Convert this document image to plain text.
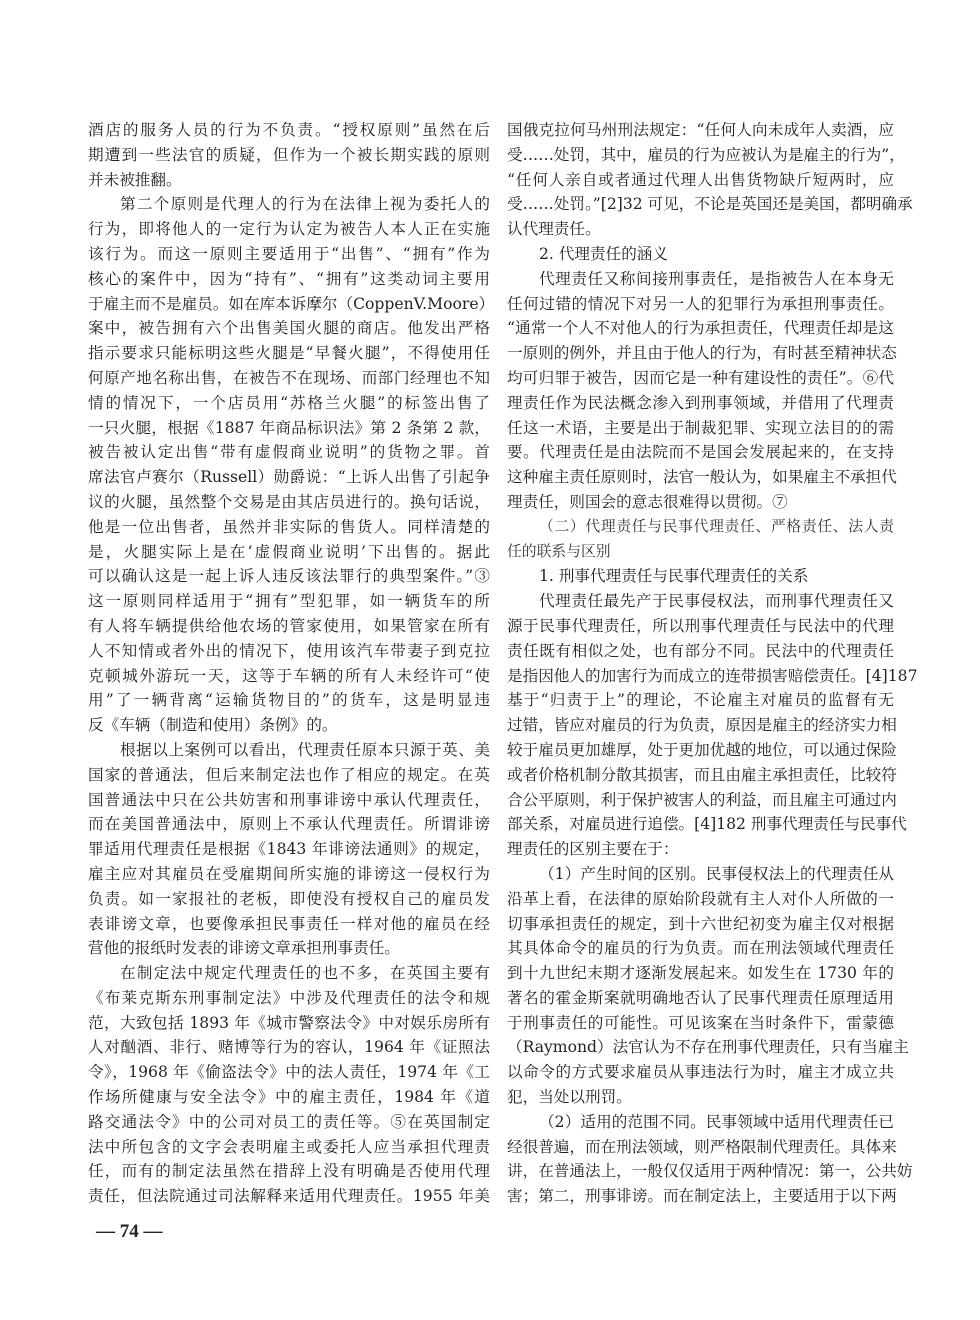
酒店的服务人员的行为不负责。“授权原则”虽然在后
期遭到一些法官的质疑，但作为一个被长期实践的原则
并未被推翻。
第二个原则是代理人的行为在法律上视为委托人的
行为，即将他人的一定行为认定为被告人本人正在实施
该行为。而这一原则主要适用于“出售”、“拥有”作为
核心的案件中，因为“持有”、“拥有”这类动词主要用
于雇主而不是雇员。如在库本诉摩尔（CoppenV.Moore）
案中，被告拥有六个出售美国火腿的商店。他发出严格
指示要求只能标明这些火腿是“早餐火腿”，不得使用任
何原产地名称出售，在被告不在现场、而部门经理也不知
情的情况下，一个店员用“苏格兰火腿”的标签出售了
一只火腿，根据《1887 年商品标识法》第 2 条第 2 款，
被告被认定出售“带有虚假商业说明”的货物之罪。首
席法官卢赛尔（Russell）勋爵说：“上诉人出售了引起争
议的火腿，虽然整个交易是由其店员进行的。换句话说，
他是一位出售者，虽然并非实际的售货人。同样清楚的
是，火腿实际上是在‘虚假商业说明’下出售的。据此
可以确认这是一起上诉人违反该法罪行的典型案件。”③
这一原则同样适用于“拥有”型犯罪，如一辆货车的所
有人将车辆提供给他农场的管家使用，如果管家在所有
人不知情或者外出的情况下，使用该汽车带妻子到克拉
克顿城外游玩一天，这等于车辆的所有人未经许可“使
用”了一辆背离“运输货物目的”的货车，这是明显违
反《车辆（制造和使用）条例》的。
根据以上案例可以看出，代理责任原本只源于英、美
国家的普通法，但后来制定法也作了相应的规定。在英
国普通法中只在公共妨害和刑事诽谤中承认代理责任，
而在美国普通法中，原则上不承认代理责任。所谓诽谤
罪适用代理责任是根据《1843 年诽谤法通则》的规定，
雇主应对其雇员在受雇期间所实施的诽谤这一侵权行为
负责。如一家报社的老板，即使没有授权自己的雇员发
表诽谤文章，也要像承担民事责任一样对他的雇员在经
营他的报纸时发表的诽谤文章承担刑事责任。
在制定法中规定代理责任的也不多，在英国主要有
《布莱克斯东刑事制定法》中涉及代理责任的法令和规
范，大致包括 1893 年《城市警察法令》中对娱乐房所有
人对酗酒、非行、赌博等行为的容认，1964 年《证照法
令》，1968 年《偷盗法令》中的法人责任，1974 年《工
作场所健康与安全法令》中的雇主责任，1984 年《道
路交通法令》中的公司对员工的责任等。⑤在英国制定
法中所包含的文字会表明雇主或委托人应当承担代理责
任，而有的制定法虽然在措辞上没有明确是否使用代理
责任，但法院通过司法解释来适用代理责任。1955 年美
国俄克拉何马州刑法规定：“任何人向未成年人卖酒，应
受……处罚，其中，雇员的行为应被认为是雇主的行为”，
“任何人亲自或者通过代理人出售货物缺斤短两时，应
受……处罚。”[2]32 可见，不论是英国还是美国，都明确承
认代理责任。
2. 代理责任的涵义
代理责任又称间接刑事责任，是指被告人在本身无
任何过错的情况下对另一人的犯罪行为承担刑事责任。
“通常一个人不对他人的行为承担责任，代理责任却是这
一原则的例外，并且由于他人的行为，有时甚至精神状态
均可归罪于被告，因而它是一种有建设性的责任”。⑥代
理责任作为民法概念渗入到刑事领域，并借用了代理责
任这一术语，主要是出于制裁犯罪、实现立法目的的需
要。代理责任是由法院而不是国会发展起来的，在支持
这种雇主责任原则时，法官一般认为，如果雇主不承担代
理责任，则国会的意志很难得以贯彻。⑦
（二）代理责任与民事代理责任、严格责任、法人责
任的联系与区别
1. 刑事代理责任与民事代理责任的关系
代理责任最先产于民事侵权法，而刑事代理责任又
源于民事代理责任，所以刑事代理责任与民法中的代理
责任既有相似之处，也有部分不同。民法中的代理责任
是指因他人的加害行为而成立的连带损害赔偿责任。[4]187
基于“归责于上”的理论，不论雇主对雇员的监督有无
过错，皆应对雇员的行为负责，原因是雇主的经济实力相
较于雇员更加雄厚，处于更加优越的地位，可以通过保险
或者价格机制分散其损害，而且由雇主承担责任，比较符
合公平原则，利于保护被害人的利益，而且雇主可通过内
部关系，对雇员进行追偿。[4]182 刑事代理责任与民事代
理责任的区别主要在于：
（1）产生时间的区别。民事侵权法上的代理责任从
沿革上看，在法律的原始阶段就有主人对仆人所做的一
切事承担责任的规定，到十六世纪初变为雇主仅对根据
其具体命令的雇员的行为负责。而在刑法领域代理责任
到十九世纪末期才逐渐发展起来。如发生在 1730 年的
著名的霍金斯案就明确地否认了民事代理责任原理适用
于刑事责任的可能性。可见该案在当时条件下，雷蒙德
（Raymond）法官认为不存在刑事代理责任，只有当雇主
以命令的方式要求雇员从事违法行为时，雇主才成立共
犯，当处以刑罚。
（2）适用的范围不同。民事领域中适用代理责任已
经很普遍，而在刑法领域，则严格限制代理责任。具体来
讲，在普通法上，一般仅仅适用于两种情况：第一，公共妨
害；第二，刑事诽谤。而在制定法上，主要适用于以下两
— 74 —
